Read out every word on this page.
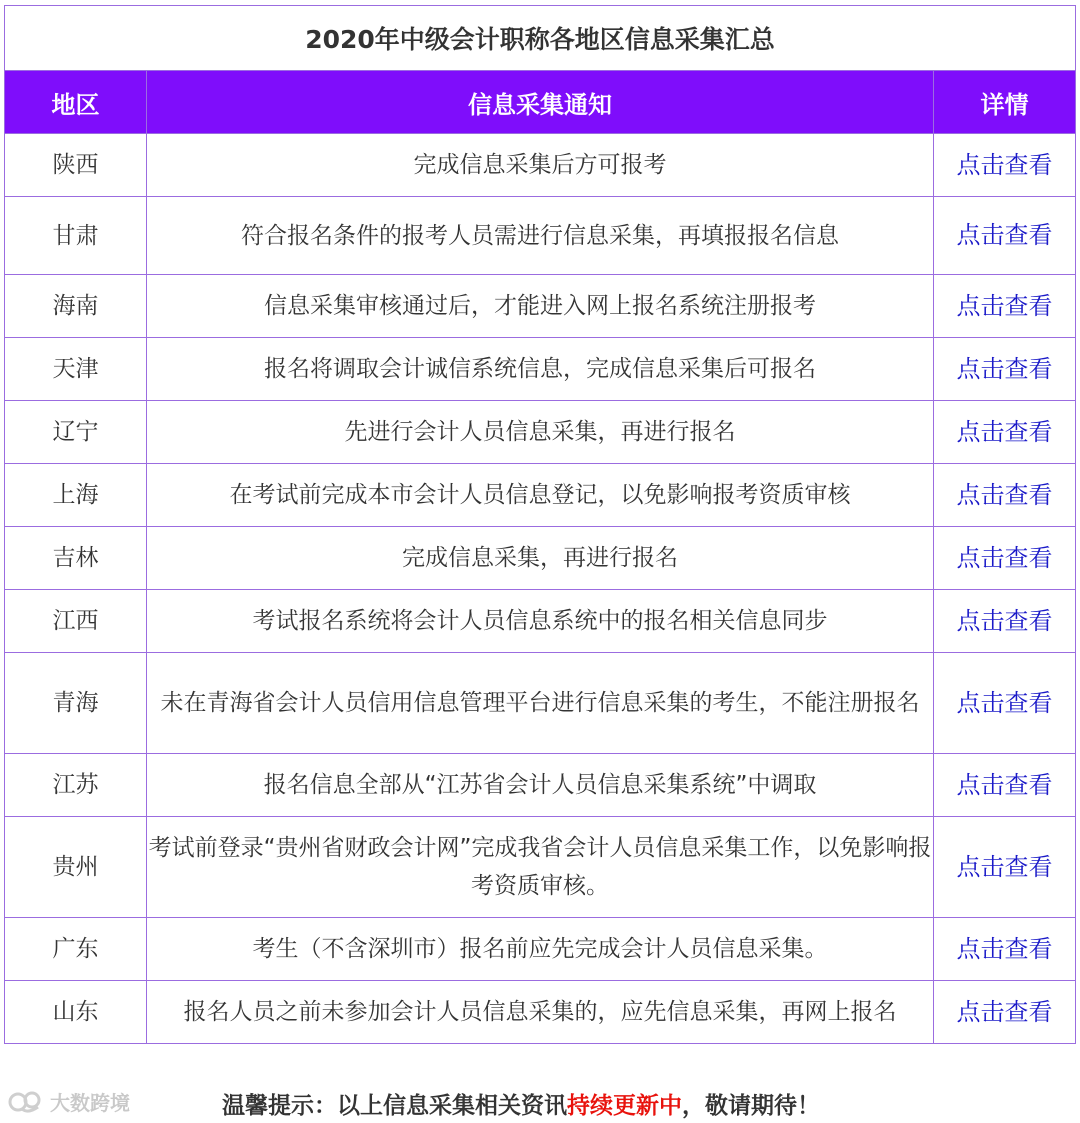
2020年中级会计职称各地区信息采集汇总		
地区	信息采集通知	详情
陕西	完成信息采集后方可报考	点击查看
甘肃	符合报名条件的报考人员需进行信息采集，再填报报名信息	点击查看
海南	信息采集审核通过后，才能进入网上报名系统注册报考	点击查看
天津	报名将调取会计诚信系统信息，完成信息采集后可报名	点击查看
辽宁	先进行会计人员信息采集，再进行报名	点击查看
上海	在考试前完成本市会计人员信息登记，以免影响报考资质审核	点击查看
吉林	完成信息采集，再进行报名	点击查看
江西	考试报名系统将会计人员信息系统中的报名相关信息同步	点击查看
青海	未在青海省会计人员信用信息管理平台进行信息采集的考生，不能注册报名	点击查看
江苏	报名信息全部从“江苏省会计人员信息采集系统”中调取	点击查看
贵州	考试前登录“贵州省财政会计网”完成我省会计人员信息采集工作，以免影响报考资质审核。	点击查看
广东	考生（不含深圳市）报名前应先完成会计人员信息采集。	点击查看
山东	报名人员之前未参加会计人员信息采集的，应先信息采集，再网上报名	点击查看
大数跨境	温馨提示：以上信息采集相关资讯持续更新中，敬请期待！
